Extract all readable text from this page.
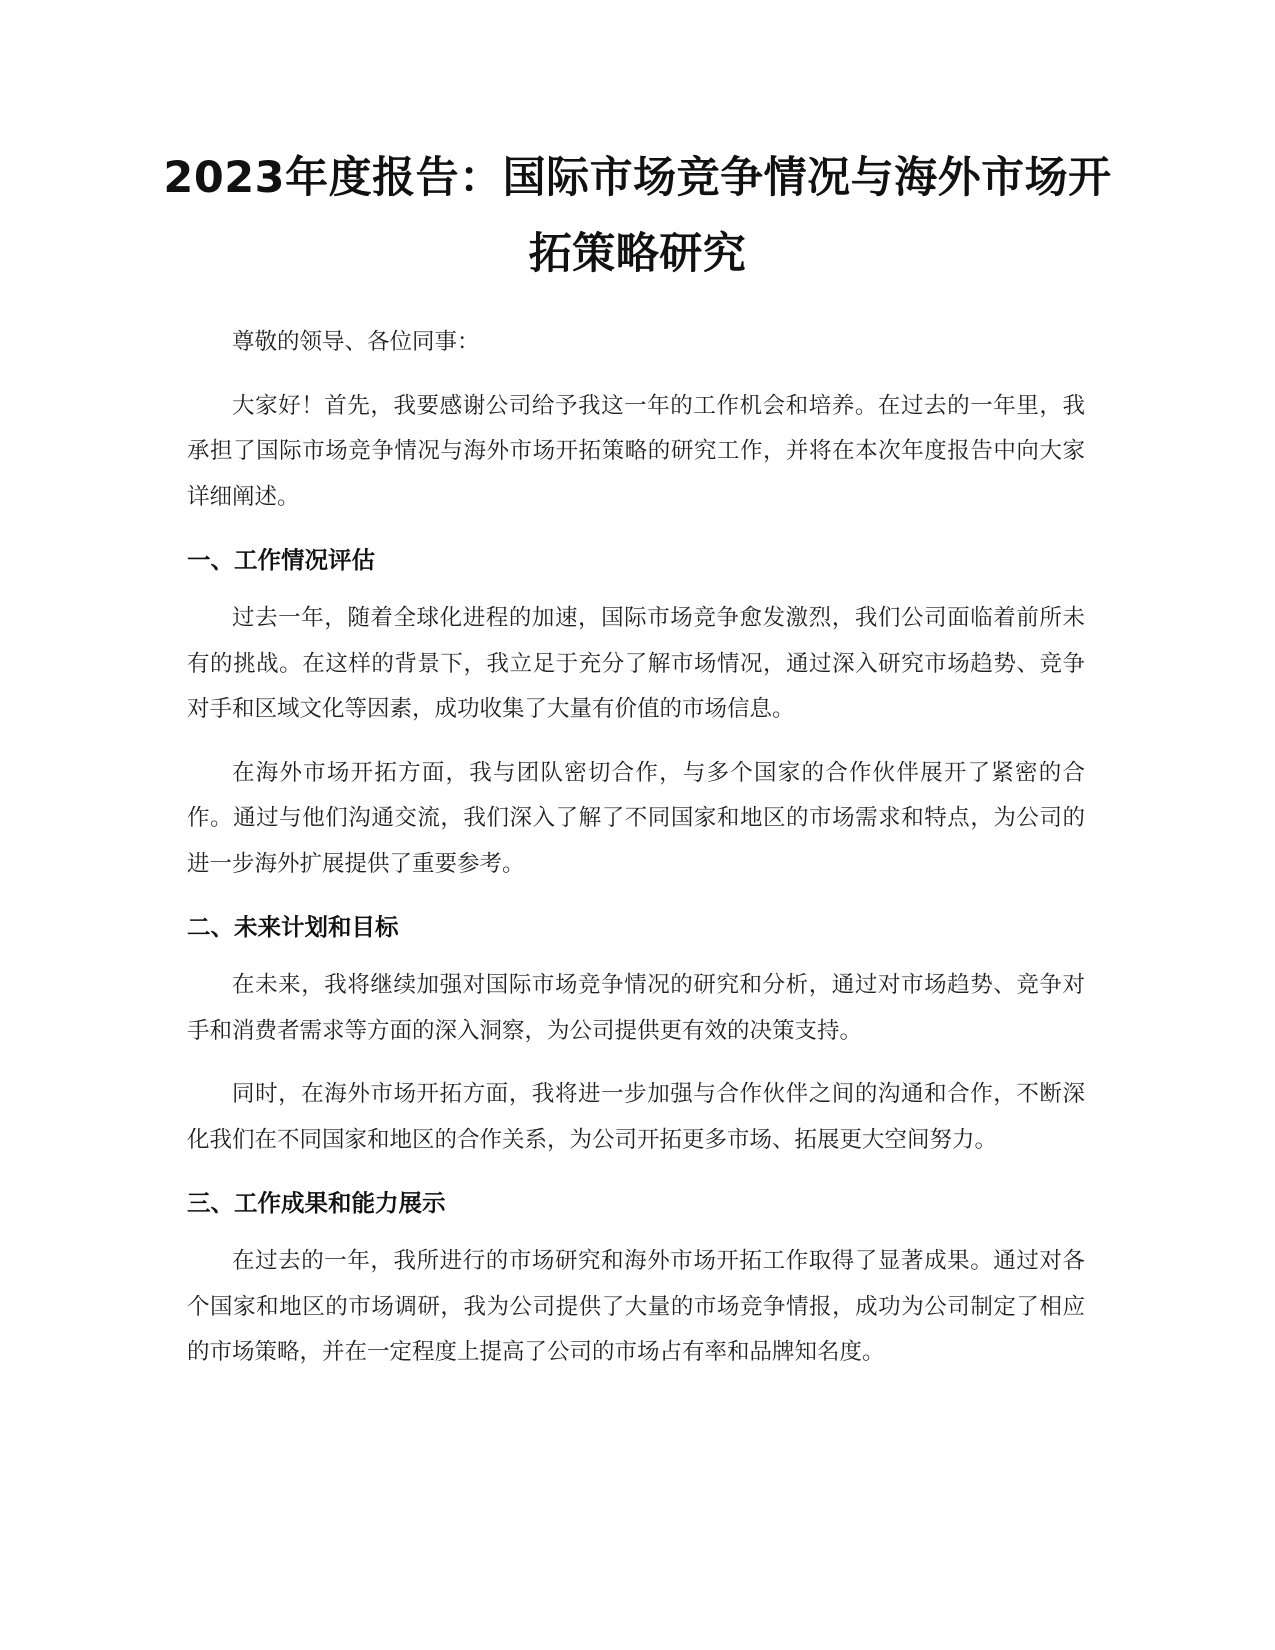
2023年度报告：国际市场竞争情况与海外市场开拓策略研究

尊敬的领导、各位同事：

大家好！首先，我要感谢公司给予我这一年的工作机会和培养。在过去的一年里，我承担了国际市场竞争情况与海外市场开拓策略的研究工作，并将在本次年度报告中向大家详细阐述。

一、工作情况评估

过去一年，随着全球化进程的加速，国际市场竞争愈发激烈，我们公司面临着前所未有的挑战。在这样的背景下，我立足于充分了解市场情况，通过深入研究市场趋势、竞争对手和区域文化等因素，成功收集了大量有价值的市场信息。

在海外市场开拓方面，我与团队密切合作，与多个国家的合作伙伴展开了紧密的合作。通过与他们沟通交流，我们深入了解了不同国家和地区的市场需求和特点，为公司的进一步海外扩展提供了重要参考。

二、未来计划和目标

在未来，我将继续加强对国际市场竞争情况的研究和分析，通过对市场趋势、竞争对手和消费者需求等方面的深入洞察，为公司提供更有效的决策支持。

同时，在海外市场开拓方面，我将进一步加强与合作伙伴之间的沟通和合作，不断深化我们在不同国家和地区的合作关系，为公司开拓更多市场、拓展更大空间努力。

三、工作成果和能力展示

在过去的一年，我所进行的市场研究和海外市场开拓工作取得了显著成果。通过对各个国家和地区的市场调研，我为公司提供了大量的市场竞争情报，成功为公司制定了相应的市场策略，并在一定程度上提高了公司的市场占有率和品牌知名度。
